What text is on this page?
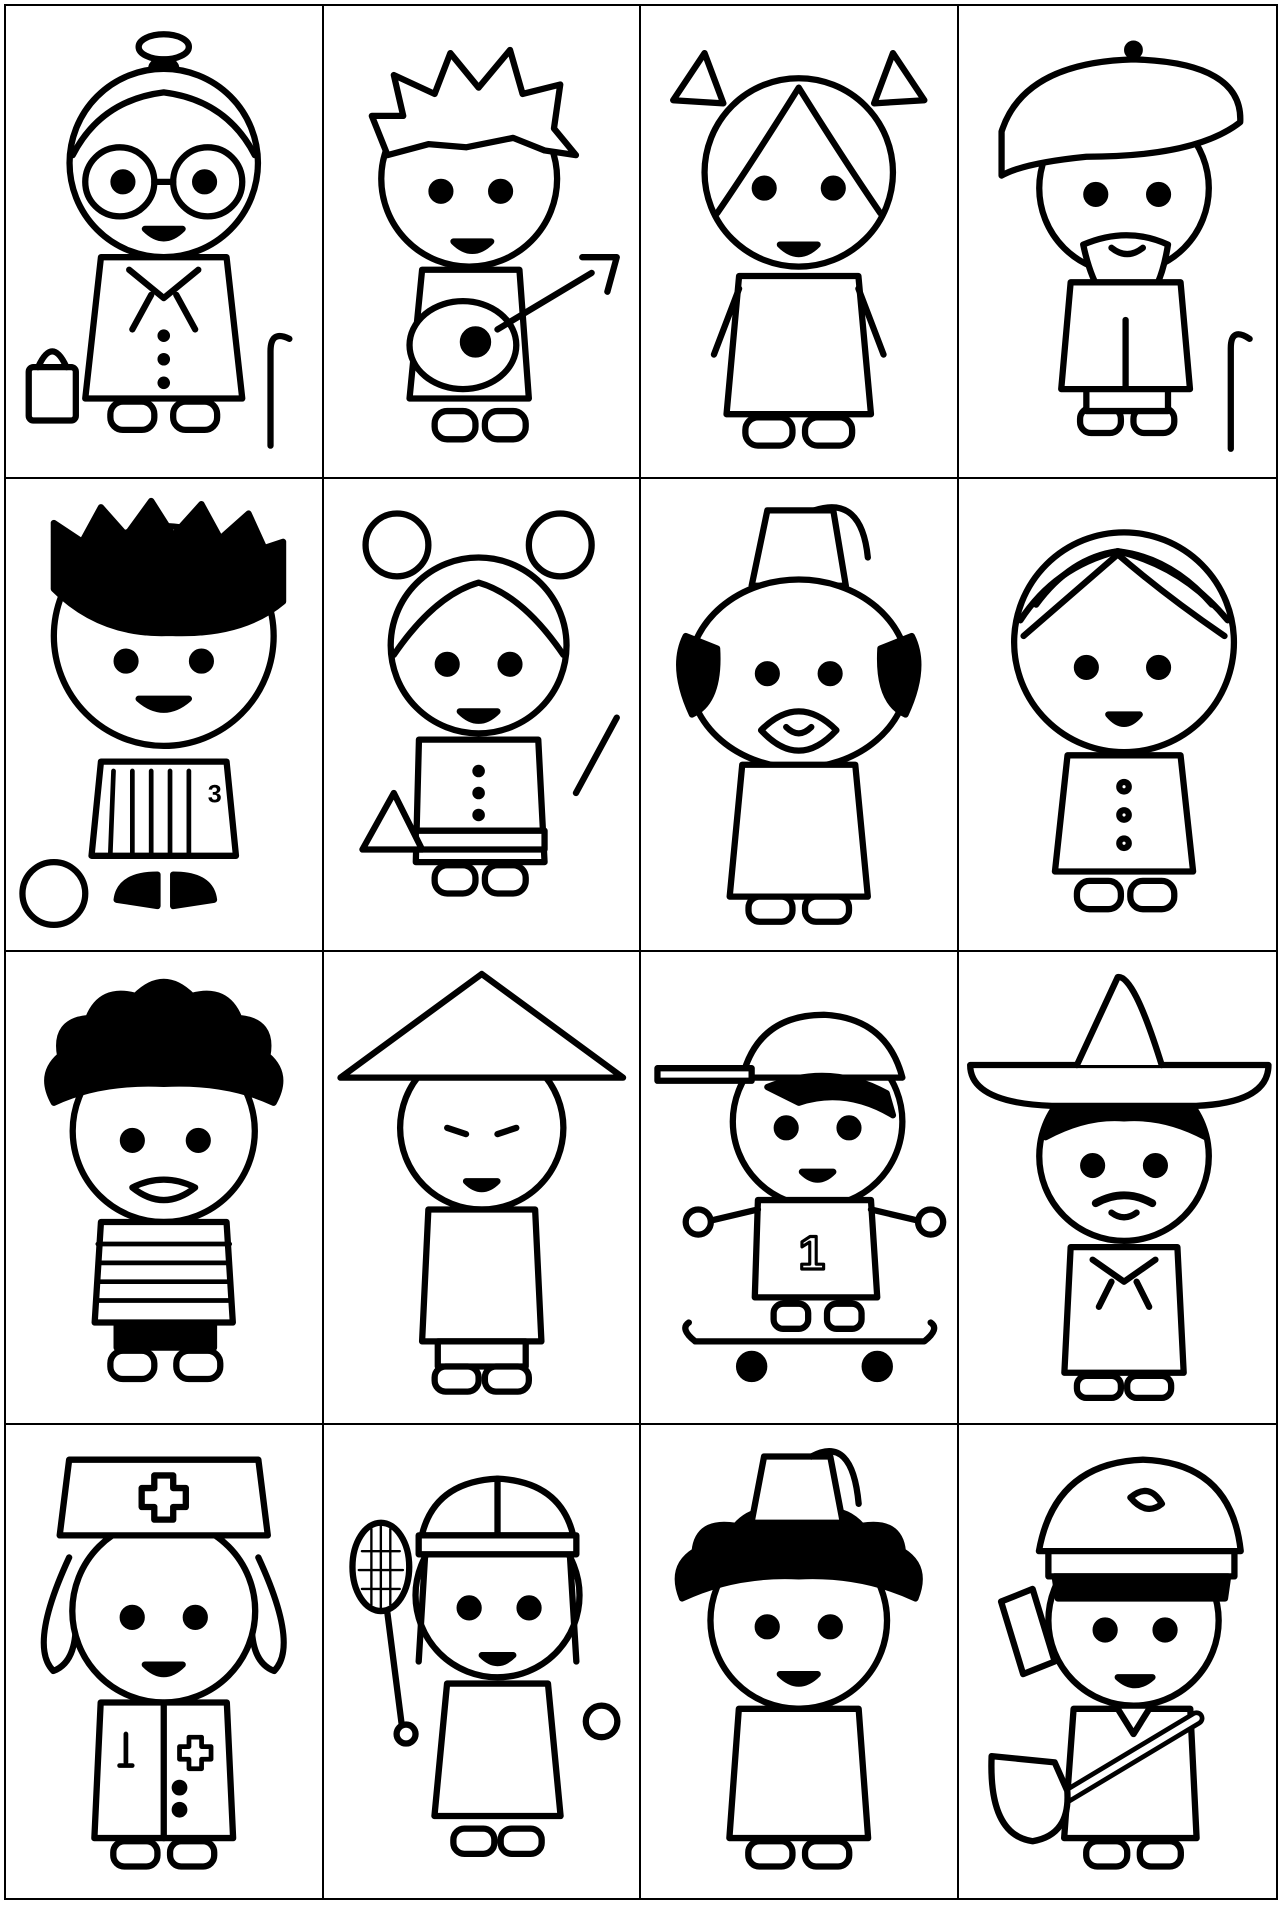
3
1
